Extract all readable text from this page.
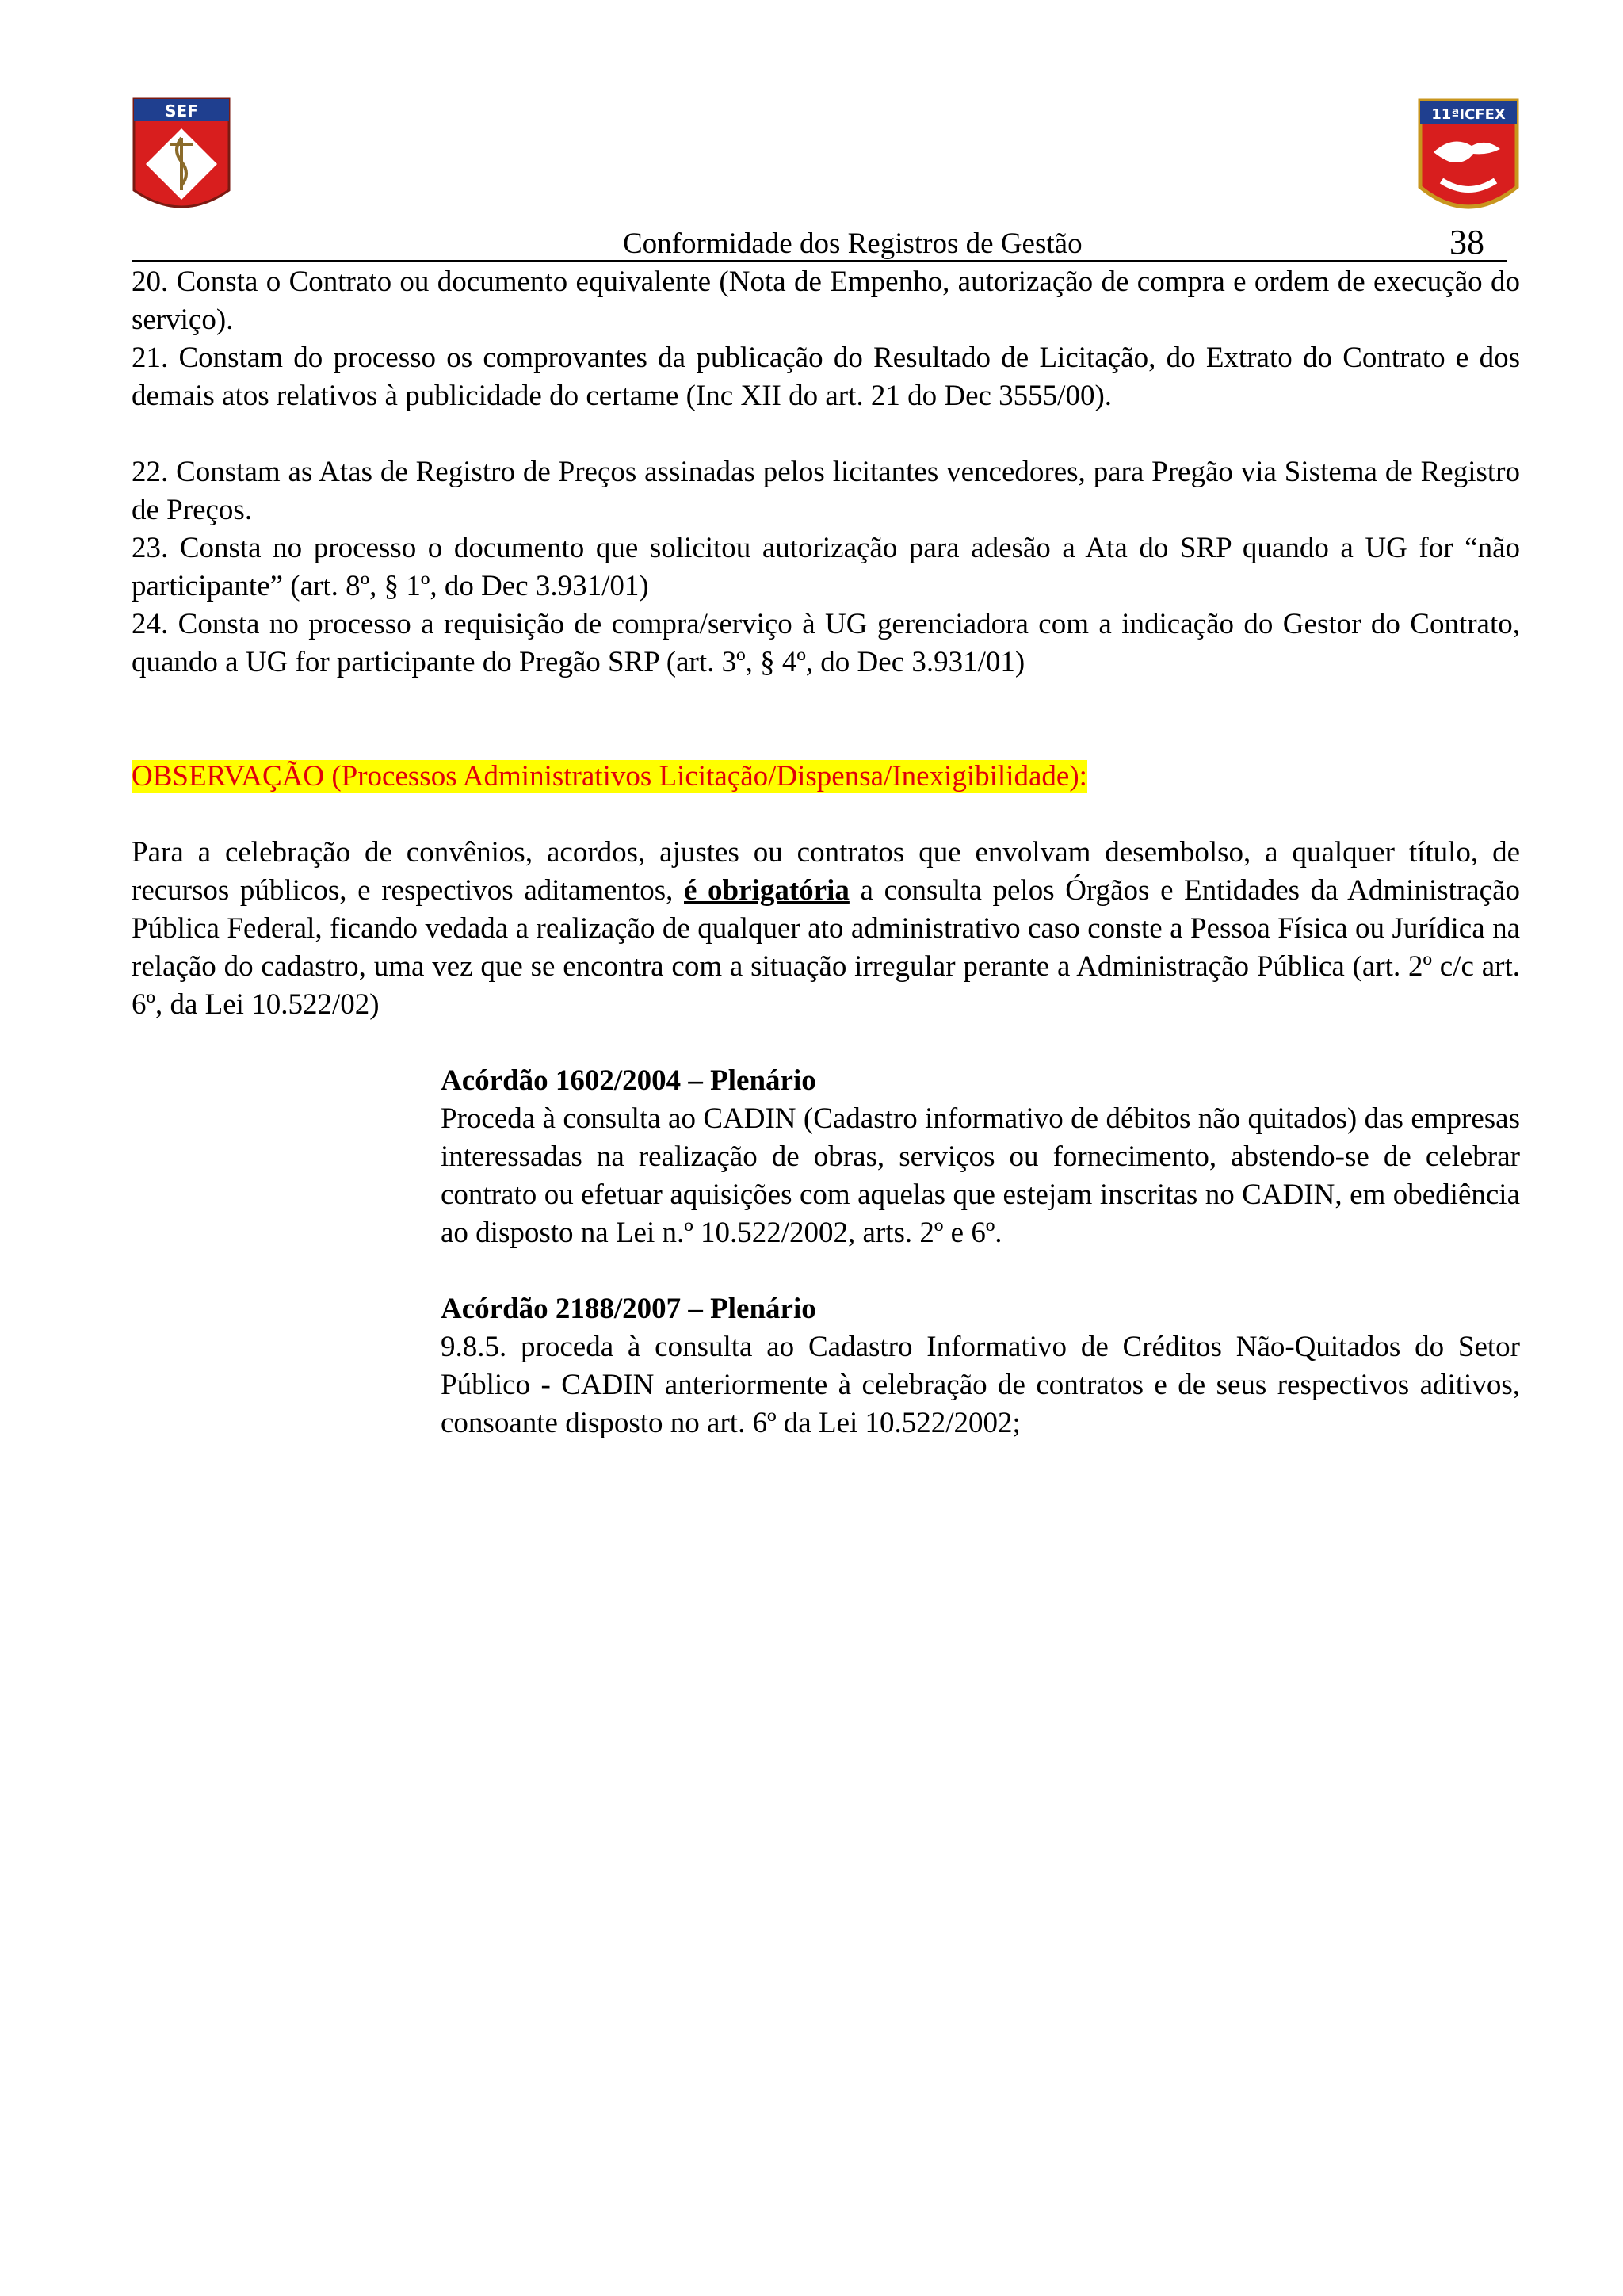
SEF	11ªICFEX
Conformidade dos Registros de Gestão	38

20. Consta o Contrato ou documento equivalente (Nota de Empenho, autorização de compra e ordem de execução do serviço).

21. Constam do processo os comprovantes da publicação do Resultado de Licitação, do Extrato do Contrato e dos demais atos relativos à publicidade do certame (Inc XII do art. 21 do Dec 3555/00).

22. Constam as Atas de Registro de Preços assinadas pelos licitantes vencedores, para Pregão via Sistema de Registro de Preços.

23. Consta no processo o documento que solicitou autorização para adesão a Ata do SRP quando a UG for “não participante” (art. 8º, § 1º, do Dec 3.931/01)

24. Consta no processo a requisição de compra/serviço à UG gerenciadora com a indicação do Gestor do Contrato, quando a UG for participante do Pregão SRP (art. 3º, § 4º, do Dec 3.931/01)

OBSERVAÇÃO (Processos Administrativos Licitação/Dispensa/Inexigibilidade):

Para a celebração de convênios, acordos, ajustes ou contratos que envolvam desembolso, a qualquer título, de recursos públicos, e respectivos aditamentos, é obrigatória a consulta pelos Órgãos e Entidades da Administração Pública Federal, ficando vedada a realização de qualquer ato administrativo caso conste a Pessoa Física ou Jurídica na relação do cadastro, uma vez que se encontra com a situação irregular perante a Administração Pública (art. 2º c/c art. 6º, da Lei 10.522/02)

Acórdão 1602/2004 – Plenário

Proceda à consulta ao CADIN (Cadastro informativo de débitos não quitados) das empresas interessadas na realização de obras, serviços ou fornecimento, abstendo-se de celebrar contrato ou efetuar aquisições com aquelas que estejam inscritas no CADIN, em obediência ao disposto na Lei n.º 10.522/2002, arts. 2º e 6º.

Acórdão 2188/2007 – Plenário

9.8.5. proceda à consulta ao Cadastro Informativo de Créditos Não-Quitados do Setor Público - CADIN anteriormente à celebração de contratos e de seus respectivos aditivos, consoante disposto no art. 6º da Lei 10.522/2002;
